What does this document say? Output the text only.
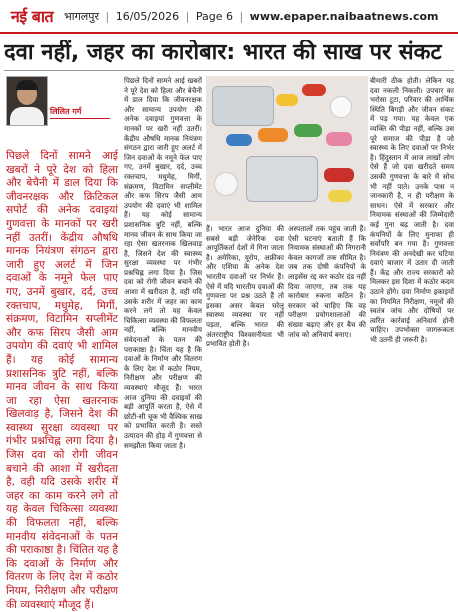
नई बात भागलपुर | 16/05/2026 | Page 6 | www.epaper.naibaatnews.com
दवा नहीं, जहर का कारोबार: भारत की साख पर संकट
लिलित गर्ग
पिछले दिनों सामने आई खबरों ने पूरे देश को हिला और बेचैनी में डाल दिया कि जीवनरक्षक और क्रिटिकल सपोर्ट की अनेक दवाइयां गुणवत्ता के मानकों पर खरी नहीं उतरीं। केंद्रीय औषधि मानक नियंत्रण संगठन द्वारा जारी हुए अलर्ट में जिन दवाओं के नमूने फेल पाए गए, उनमें बुखार, दर्द, उच्च रक्तचाप, मधुमेह, मिर्गी, संक्रमण, विटामिन सप्लीमेंट और कफ सिरप जैसी आम उपयोग की दवाएं भी शामिल हैं। यह कोई सामान्य प्रशासनिक त्रुटि नहीं, बल्कि मानव जीवन के साथ किया जा रहा ऐसा खतरनाक खिलवाड़ है, जिसने देश की स्वास्थ्य सुरक्षा व्यवस्था पर गंभीर प्रश्नचिह्न लगा दिया है। जिस दवा को रोगी जीवन बचाने की आशा में खरीदता है, वही यदि उसके शरीर में जहर का काम करने लगे तो यह केवल चिकित्सा व्यवस्था की विफलता नहीं, बल्कि मानवीय संवेदनाओं के पतन की पराकाष्ठा है। चिंतित यह है कि दवाओं के निर्माण और वितरण के लिए देश में कठोर नियम, निरीक्षण और परीक्षण की व्यवस्थाएं मौजूद हैं।
पिछले दिनों सामने आई खबरों ने पूरे देश को हिला और बेचैनी में डाल दिया कि जीवनरक्षक और सामान्य उपयोग की अनेक दवाइयां गुणवत्ता के मानकों पर खरी नहीं उतरीं। केंद्रीय औषधि मानक नियंत्रण संगठन द्वारा जारी हुए अलर्ट में जिन दवाओं के नमूने फेल पाए गए, उनमें बुखार, दर्द, उच्च रक्तचाप, मधुमेह, मिर्गी, संक्रमण, विटामिन सप्लीमेंट और कफ सिरप जैसी आम उपयोग की दवाएं भी शामिल हैं। यह कोई सामान्य प्रशासनिक त्रुटि नहीं, बल्कि मानव जीवन के साथ किया जा रहा ऐसा खतरनाक खिलवाड़ है, जिसने देश की स्वास्थ्य सुरक्षा व्यवस्था पर गंभीर प्रश्नचिह्न लगा दिया है। जिस दवा को रोगी जीवन बचाने की आशा में खरीदता है, वही यदि उसके शरीर में जहर का काम करने लगे तो यह केवल चिकित्सा व्यवस्था की विफलता नहीं, बल्कि मानवीय संवेदनाओं के पतन की पराकाष्ठा है। चिंता यह है कि दवाओं के निर्माण और वितरण के लिए देश में कठोर नियम, निरीक्षण और परीक्षण की व्यवस्थाएं मौजूद हैं। भारत आज दुनिया की दवाइयों की बड़ी आपूर्ति करता है, ऐसे में छोटी-सी चूक भी वैश्विक साख को प्रभावित करती है। सस्ते उत्पादन की होड़ में गुणवत्ता से समझौता किया जाता है।
हैं। भारत आज दुनिया की सबसे बड़ी जेनेरिक दवा आपूर्तिकर्ता देशों में गिना जाता है। अमेरिका, यूरोप, अफ्रीका और एशिया के अनेक देश भारतीय दवाओं पर निर्भर हैं। ऐसे में यदि भारतीय दवाओं की गुणवत्ता पर प्रश्न उठते हैं तो इसका असर केवल घरेलू स्वास्थ्य व्यवस्था पर नहीं पड़ता, बल्कि भारत की अंतरराष्ट्रीय विश्वसनीयता भी प्रभावित होती है।
अस्पतालों तक पहुंच जाती हैं। ऐसी घटनाएं बताती हैं कि नियामक संस्थाओं की निगरानी केवल कागजों तक सीमित है। जब तक दोषी कंपनियों के लाइसेंस रद्द कर कठोर दंड नहीं दिया जाएगा, तब तक यह कारोबार रुकना कठिन है। सरकार को चाहिए कि वह परीक्षण प्रयोगशालाओं की संख्या बढ़ाए और हर बैच की जांच को अनिवार्य बनाए।
बीमारी ठीक होती। लेकिन यह दवा नकली निकली। उपचार का भरोसा टूटा, परिवार की आर्थिक स्थिति बिगड़ी और जीवन संकट में पड़ गया। यह केवल एक व्यक्ति की पीड़ा नहीं, बल्कि उस पूरे समाज की पीड़ा है जो स्वास्थ्य के लिए दवाओं पर निर्भर है। हिंदुस्तान में आज लाखों लोग ऐसे हैं जो दवा खरीदते समय उसकी गुणवत्ता के बारे में सोच भी नहीं पाते। उनके पास न जानकारी है, न ही परीक्षण के साधन। ऐसे में सरकार और नियामक संस्थाओं की जिम्मेदारी कई गुना बढ़ जाती है। दवा कंपनियों के लिए मुनाफा ही सर्वोपरि बन गया है। गुणवत्ता नियंत्रण की अनदेखी कर घटिया दवाएं बाजार में उतार दी जाती हैं। केंद्र और राज्य सरकारों को मिलकर इस दिशा में कठोर कदम उठाने होंगे। दवा निर्माण इकाइयों का नियमित निरीक्षण, नमूनों की स्वतंत्र जांच और दोषियों पर त्वरित कार्रवाई अनिवार्य होनी चाहिए। उपभोक्ता जागरूकता भी उतनी ही जरूरी है।
